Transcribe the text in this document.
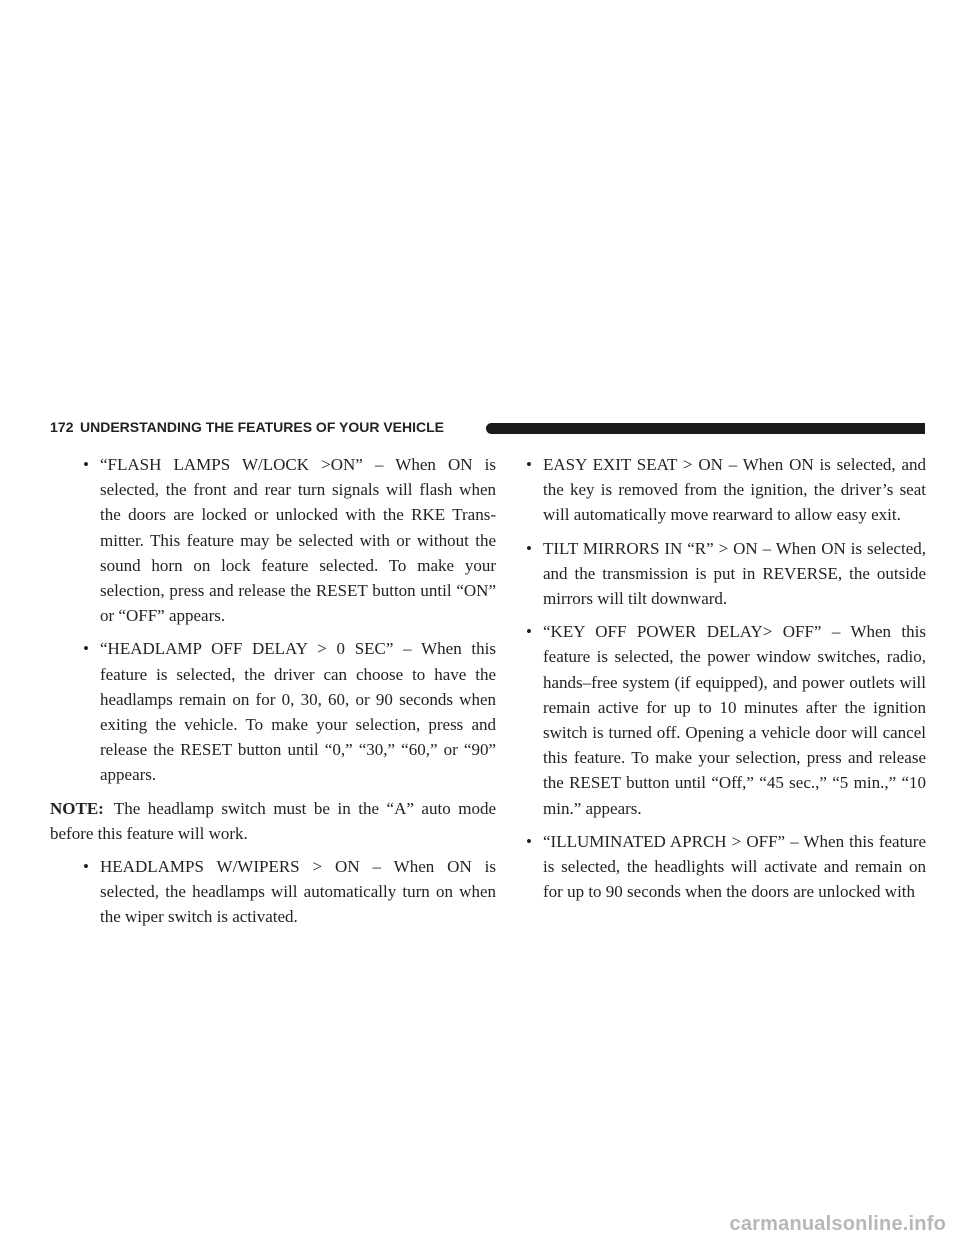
172 UNDERSTANDING THE FEATURES OF YOUR VEHICLE
• “FLASH LAMPS W/LOCK >ON” – When ON is selected, the front and rear turn signals will flash when the doors are locked or unlocked with the RKE Trans-mitter. This feature may be selected with or without the sound horn on lock feature selected. To make your selection, press and release the RESET button until “ON” or “OFF” appears.
• “HEADLAMP OFF DELAY > 0 SEC” – When this feature is selected, the driver can choose to have the headlamps remain on for 0, 30, 60, or 90 seconds when exiting the vehicle. To make your selection, press and release the RESET button until “0,” “30,” “60,” or “90” appears.
NOTE: The headlamp switch must be in the “A” auto mode before this feature will work.
• HEADLAMPS W/WIPERS > ON – When ON is selected, the headlamps will automatically turn on when the wiper switch is activated.
• EASY EXIT SEAT > ON – When ON is selected, and the key is removed from the ignition, the driver’s seat will automatically move rearward to allow easy exit.
• TILT MIRRORS IN “R” > ON – When ON is selected, and the transmission is put in REVERSE, the outside mirrors will tilt downward.
• “KEY OFF POWER DELAY> OFF” – When this feature is selected, the power window switches, radio, hands–free system (if equipped), and power outlets will remain active for up to 10 minutes after the ignition switch is turned off. Opening a vehicle door will cancel this feature. To make your selection, press and release the RESET button until “Off,” “45 sec.,” “5 min.,” “10 min.” appears.
• “ILLUMINATED APRCH > OFF” – When this feature is selected, the headlights will activate and remain on for up to 90 seconds when the doors are unlocked with
carmanualsonline.info
